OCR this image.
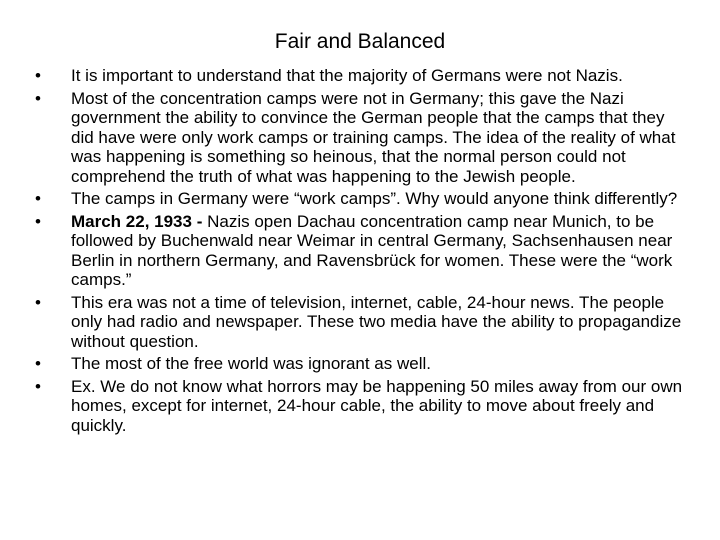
Fair and Balanced
•	It is important to understand that the majority of Germans were not Nazis.
•	Most of the concentration camps were not in Germany; this gave the Nazi government the ability to convince the German people that the camps that they did have were only work camps or training camps. The idea of the reality of what was happening is something so heinous, that the normal person could not comprehend the truth of what was happening to the Jewish people.
•	The camps in Germany were “work camps”. Why would anyone think differently?
•	March 22, 1933 - Nazis open Dachau concentration camp near Munich, to be followed by Buchenwald near Weimar in central Germany, Sachsenhausen near Berlin in northern Germany, and Ravensbrück for women. These were the “work camps.”
•	This era was not a time of television, internet, cable, 24-hour news. The people only had radio and newspaper. These two media have the ability to propagandize without question.
•	The most of the free world was ignorant as well.
•	Ex. We do not know what horrors may be happening 50 miles away from our own homes, except for internet, 24-hour cable, the ability to move about freely and quickly.
